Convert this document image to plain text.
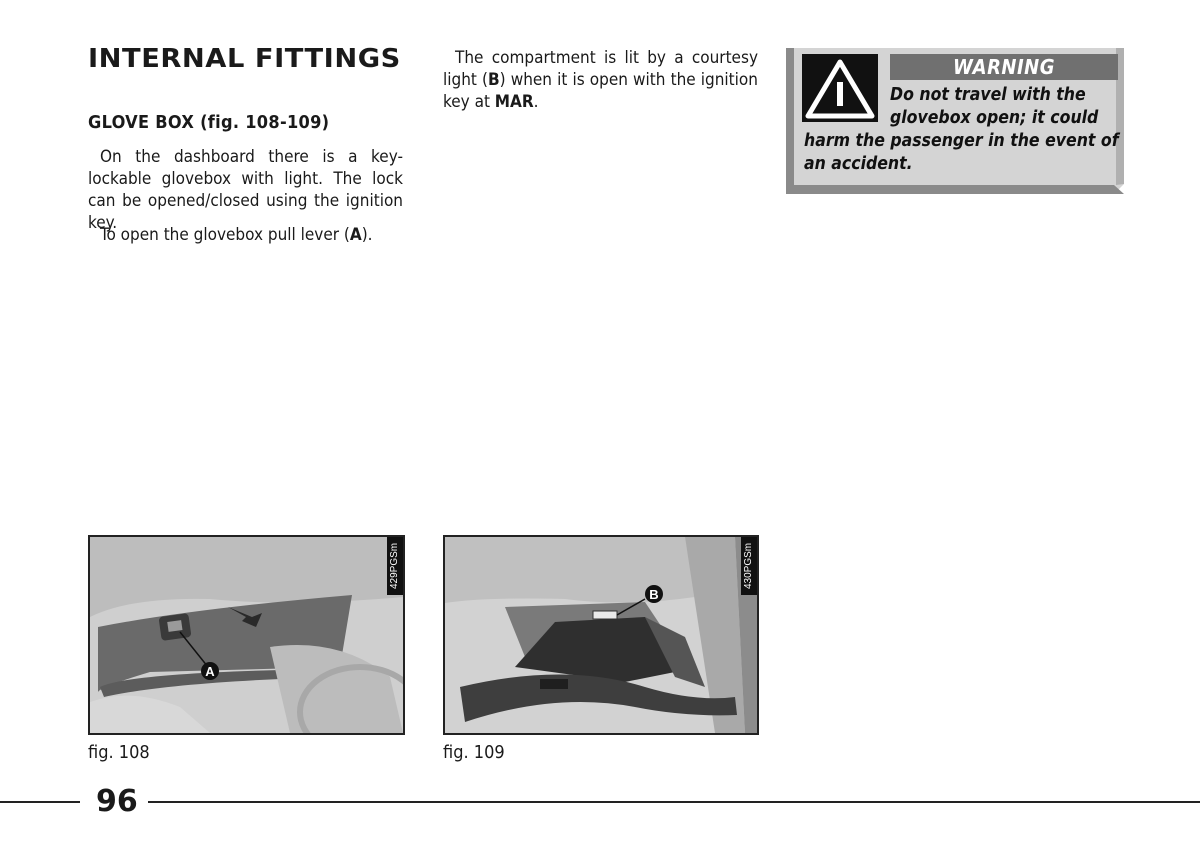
INTERNAL FITTINGS
GLOVE BOX (fig. 108-109)
On the dashboard there is a key-lockable glovebox with light. The lock can be opened/closed using the ignition key.
To open the glovebox pull lever (A).
The compartment is lit by a courtesy light (B) when it is open with the ignition key at MAR.
WARNING
Do not travel with the
glovebox open; it could
harm the passenger in the event of
an accident.
A
429PGSm
fig. 108
B
430PGSm
fig. 109
96
